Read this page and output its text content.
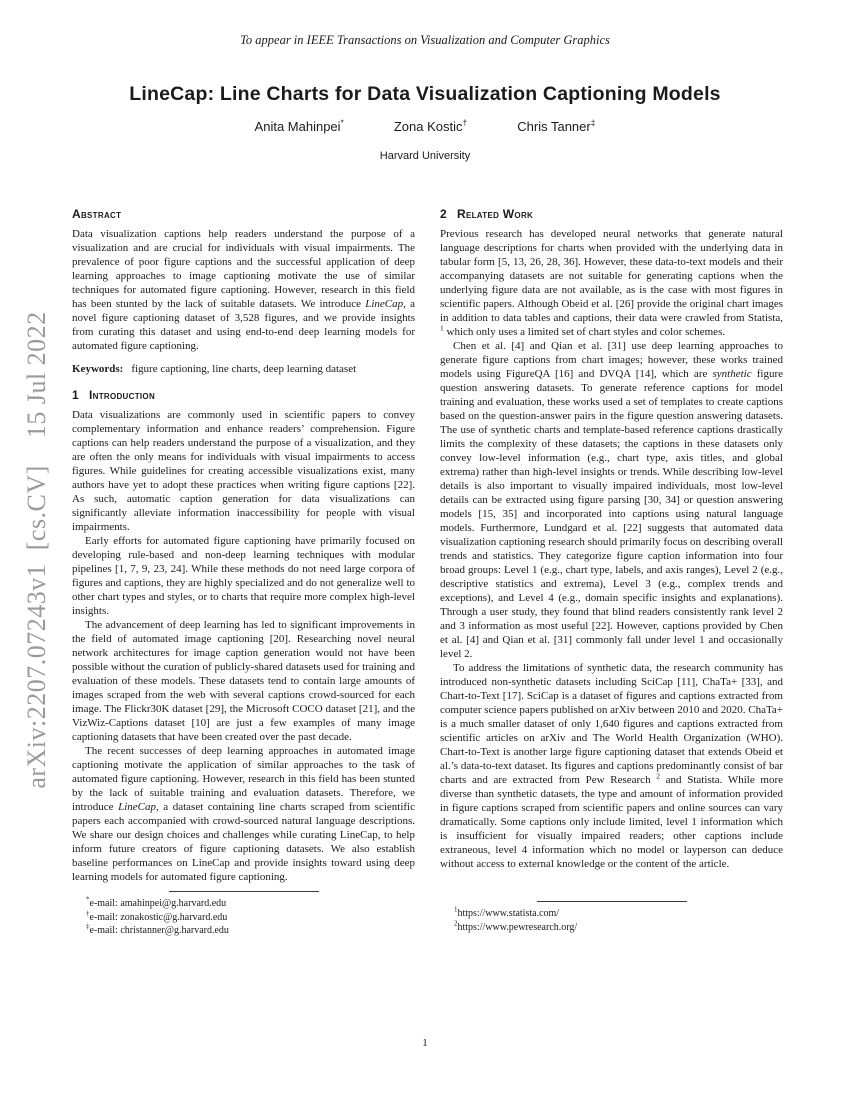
arXiv:2207.07243v1 [cs.CV]  15 Jul 2022
To appear in IEEE Transactions on Visualization and Computer Graphics
LineCap: Line Charts for Data Visualization Captioning Models
Anita Mahinpei*	Zona Kostic†	Chris Tanner‡
Harvard University
Abstract

Data visualization captions help readers understand the purpose of a visualization and are crucial for individuals with visual impairments. The prevalence of poor figure captions and the successful application of deep learning approaches to image captioning motivate the use of similar techniques for automated figure captioning. However, research in this field has been stunted by the lack of suitable datasets. We introduce LineCap, a novel figure captioning dataset of 3,528 figures, and we provide insights from curating this dataset and using end-to-end deep learning models for automated figure captioning.

Keywords: figure captioning, line charts, deep learning dataset

1 Introduction

Data visualizations are commonly used in scientific papers to convey complementary information and enhance readers’ comprehension. Figure captions can help readers understand the purpose of a visualization, and they are often the only means for individuals with visual impairments to access figures. While guidelines for creating accessible visualizations exist, many authors have yet to adopt these practices when writing figure captions [22]. As such, automatic caption generation for data visualizations can significantly alleviate information inaccessibility for people with visual impairments.

Early efforts for automated figure captioning have primarily focused on developing rule-based and non-deep learning techniques with modular pipelines [1, 7, 9, 23, 24]. While these methods do not need large corpora of figures and captions, they are highly specialized and do not generalize well to other chart types and styles, or to charts that require more complex high-level insights.

The advancement of deep learning has led to significant improvements in the field of automated image captioning [20]. Researching novel neural network architectures for image caption generation would not have been possible without the curation of publicly-shared datasets used for training and evaluation of these models. These datasets tend to contain large amounts of images scraped from the web with several captions crowd-sourced for each image. The Flickr30K dataset [29], the Microsoft COCO dataset [21], and the VizWiz-Captions dataset [10] are just a few examples of many image captioning datasets that have been created over the past decade.

The recent successes of deep learning approaches in automated image captioning motivate the application of similar approaches to the task of automated figure captioning. However, research in this field has been stunted by the lack of suitable training and evaluation datasets. Therefore, we introduce LineCap, a dataset containing line charts scraped from scientific papers each accompanied with crowd-sourced natural language descriptions. We share our design choices and challenges while curating LineCap, to help inform future creators of figure captioning datasets. We also establish baseline performances on LineCap and provide insights toward using deep learning models for automated figure captioning.

*e-mail: amahinpei@g.harvard.edu
†e-mail: zonakostic@g.harvard.edu
‡e-mail: christanner@g.harvard.edu
2 Related Work

Previous research has developed neural networks that generate natural language descriptions for charts when provided with the underlying data in tabular form [5, 13, 26, 28, 36]. However, these data-to-text models and their accompanying datasets are not suitable for generating captions when the underlying figure data are not available, as is the case with most figures in scientific papers. Although Obeid et al. [26] provide the original chart images in addition to data tables and captions, their data were crawled from Statista, $^1$ which only uses a limited set of chart styles and color schemes.

Chen et al. [4] and Qian et al. [31] use deep learning approaches to generate figure captions from chart images; however, these works trained models using FigureQA [16] and DVQA [14], which are synthetic figure question answering datasets. To generate reference captions for model training and evaluation, these works used a set of templates to create captions based on the question-answer pairs in the figure question answering datasets. The use of synthetic charts and template-based reference captions drastically limits the complexity of these datasets; the captions in these datasets only convey low-level information (e.g., chart type, axis titles, and global extrema) rather than high-level insights or trends. While describing low-level details is also important to visually impaired individuals, most low-level details can be extracted using figure parsing [30, 34] or question answering models [15, 35] and incorporated into captions using natural language models. Furthermore, Lundgard et al. [22] suggests that automated data visualization captioning research should primarily focus on describing overall trends and statistics. They categorize figure caption information into four broad groups: Level 1 (e.g., chart type, labels, and axis ranges), Level 2 (e.g., descriptive statistics and extrema), Level 3 (e.g., complex trends and exceptions), and Level 4 (e.g., domain specific insights and explanations). Through a user study, they found that blind readers consistently rank level 2 and 3 information as most useful [22]. However, captions provided by Chen et al. [4] and Qian et al. [31] commonly fall under level 1 and occasionally level 2.

To address the limitations of synthetic data, the research community has introduced non-synthetic datasets including SciCap [11], ChaTa+ [33], and Chart-to-Text [17]. SciCap is a dataset of figures and captions extracted from computer science papers published on arXiv between 2010 and 2020. ChaTa+ is a much smaller dataset of only 1,640 figures and captions extracted from scientific articles on arXiv and The World Health Organization (WHO). Chart-to-Text is another large figure captioning dataset that extends Obeid et al.’s data-to-text dataset. Its figures and captions predominantly consist of bar charts and are extracted from Pew Research $^2$ and Statista. While more diverse than synthetic datasets, the type and amount of information provided in figure captions scraped from scientific papers and online sources can vary dramatically. Some captions only include limited, level 1 information which is insufficient for visually impaired readers; other captions include extraneous, level 4 information which no model or layperson can deduce without access to external knowledge or the content of the article.

$^1$https://www.statista.com/
$^2$https://www.pewresearch.org/
1
